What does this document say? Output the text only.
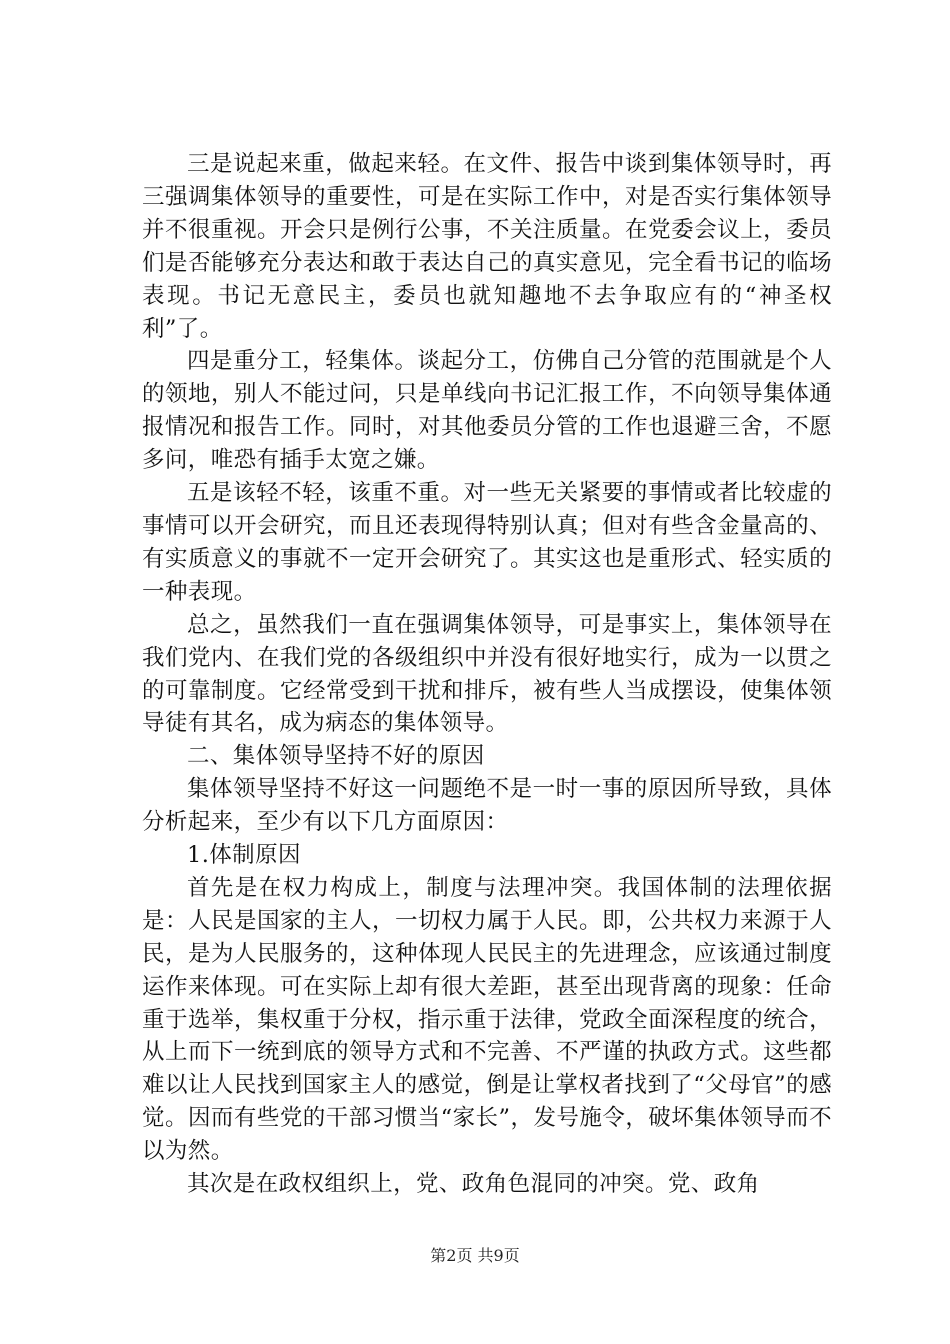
三是说起来重，做起来轻。在文件、报告中谈到集体领导时，再三强调集体领导的重要性，可是在实际工作中，对是否实行集体领导并不很重视。开会只是例行公事，不关注质量。在党委会议上，委员们是否能够充分表达和敢于表达自己的真实意见，完全看书记的临场表现。书记无意民主，委员也就知趣地不去争取应有的“神圣权利”了。

四是重分工，轻集体。谈起分工，仿佛自己分管的范围就是个人的领地，别人不能过问，只是单线向书记汇报工作，不向领导集体通报情况和报告工作。同时，对其他委员分管的工作也退避三舍，不愿多问，唯恐有插手太宽之嫌。

五是该轻不轻，该重不重。对一些无关紧要的事情或者比较虚的事情可以开会研究，而且还表现得特别认真；但对有些含金量高的、有实质意义的事就不一定开会研究了。其实这也是重形式、轻实质的一种表现。

总之，虽然我们一直在强调集体领导，可是事实上，集体领导在我们党内、在我们党的各级组织中并没有很好地实行，成为一以贯之的可靠制度。它经常受到干扰和排斥，被有些人当成摆设，使集体领导徒有其名，成为病态的集体领导。

二、集体领导坚持不好的原因

集体领导坚持不好这一问题绝不是一时一事的原因所导致，具体分析起来，至少有以下几方面原因：

1.体制原因

首先是在权力构成上，制度与法理冲突。我国体制的法理依据是：人民是国家的主人，一切权力属于人民。即，公共权力来源于人民，是为人民服务的，这种体现人民民主的先进理念，应该通过制度运作来体现。可在实际上却有很大差距，甚至出现背离的现象：任命重于选举，集权重于分权，指示重于法律，党政全面深程度的统合，从上而下一统到底的领导方式和不完善、不严谨的执政方式。这些都难以让人民找到国家主人的感觉，倒是让掌权者找到了“父母官”的感觉。因而有些党的干部习惯当“家长”，发号施令，破坏集体领导而不以为然。

其次是在政权组织上，党、政角色混同的冲突。党、政角

第2页 共9页
